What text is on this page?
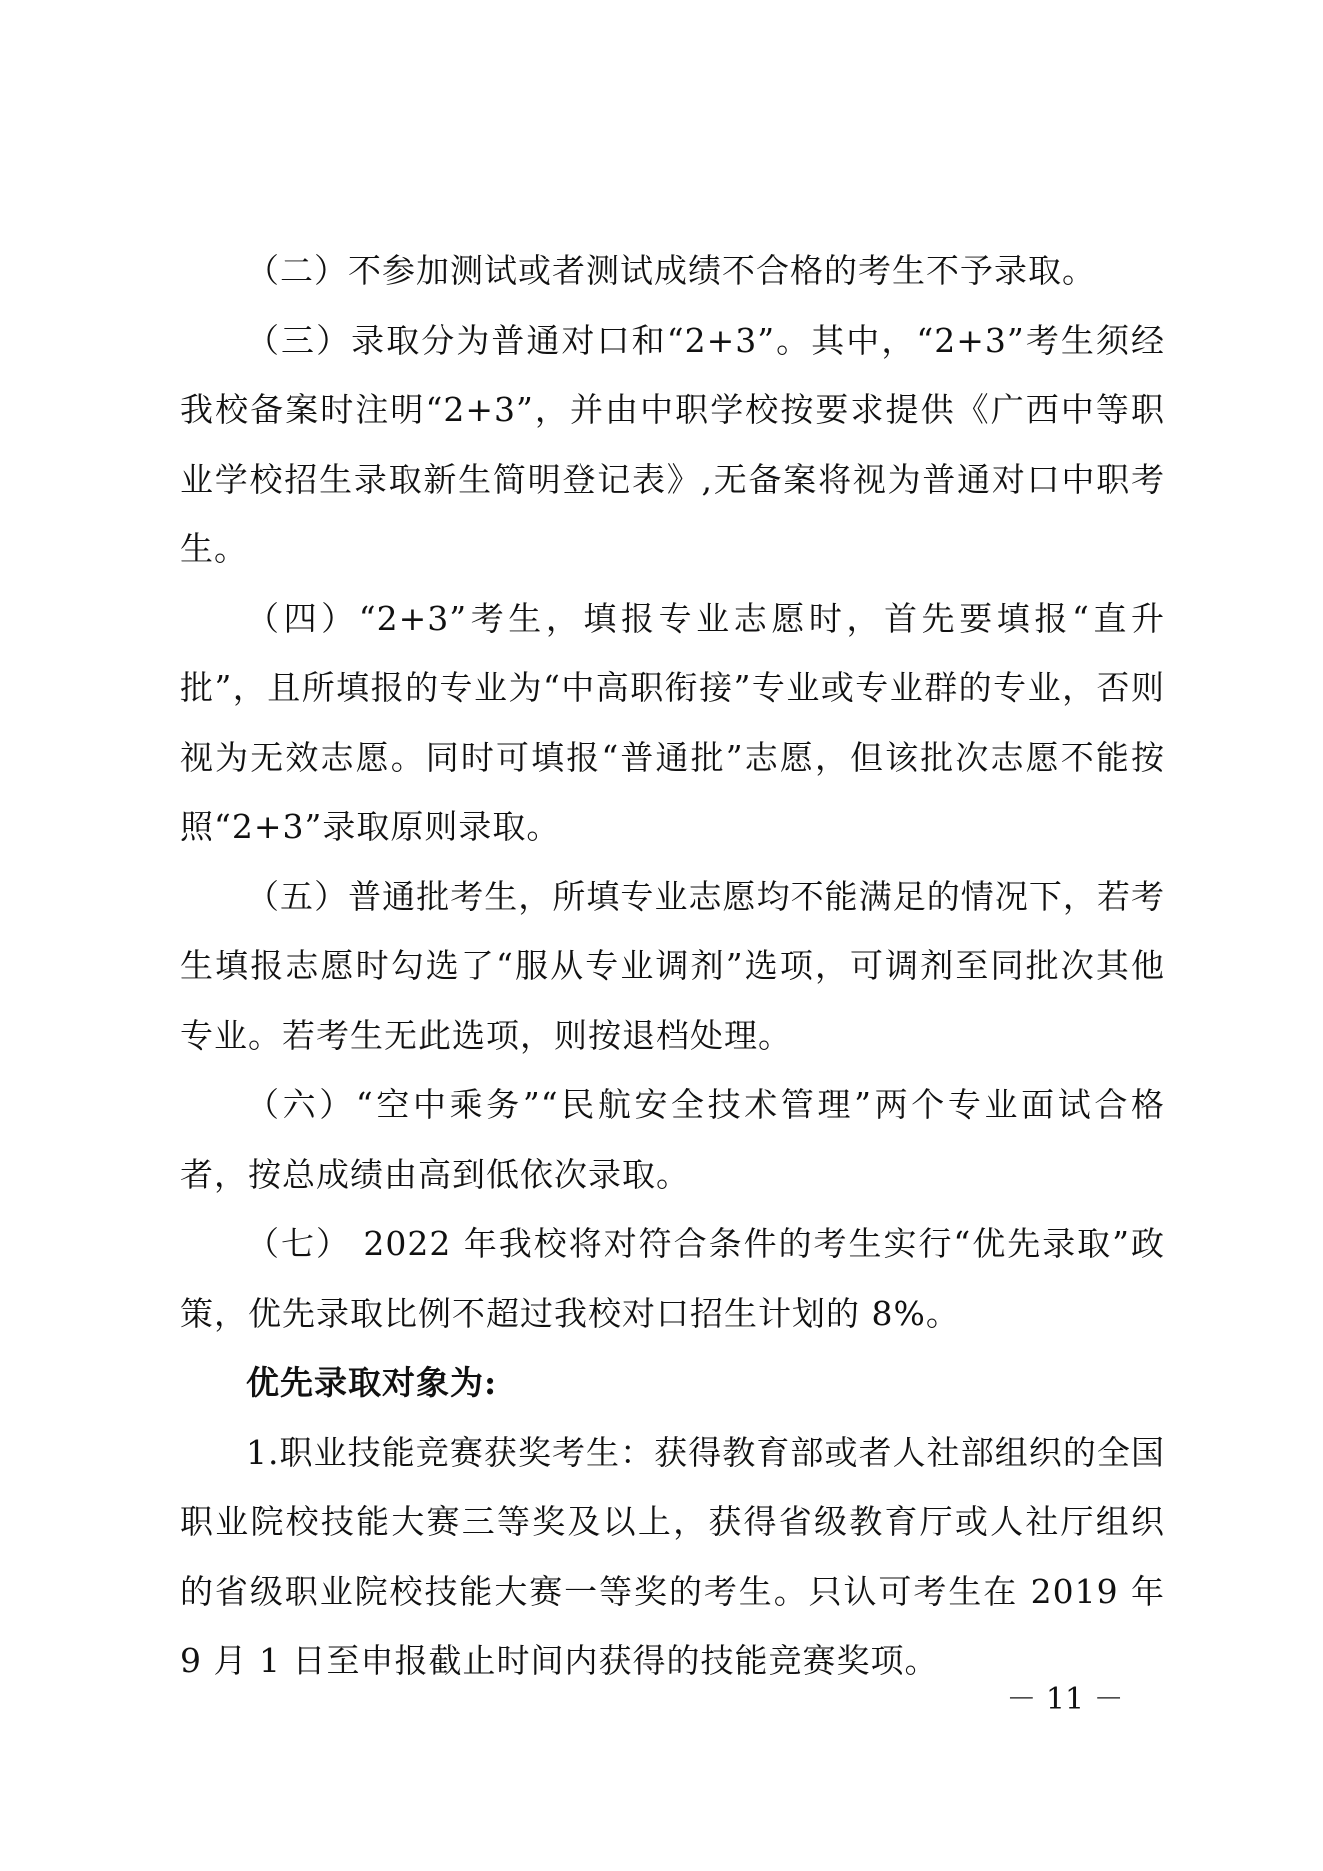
（二）不参加测试或者测试成绩不合格的考生不予录取。

（三）录取分为普通对口和“2+3”。其中，“2+3”考生须经我校备案时注明“2+3”，并由中职学校按要求提供《广西中等职业学校招生录取新生简明登记表》,无备案将视为普通对口中职考生。

（四）“2+3”考生，填报专业志愿时，首先要填报“直升批”，且所填报的专业为“中高职衔接”专业或专业群的专业，否则视为无效志愿。同时可填报“普通批”志愿，但该批次志愿不能按照“2+3”录取原则录取。

（五）普通批考生，所填专业志愿均不能满足的情况下，若考生填报志愿时勾选了“服从专业调剂”选项，可调剂至同批次其他专业。若考生无此选项，则按退档处理。

（六）“空中乘务”“民航安全技术管理”两个专业面试合格者，按总成绩由高到低依次录取。

（七） 2022 年我校将对符合条件的考生实行“优先录取”政策，优先录取比例不超过我校对口招生计划的 8%。

优先录取对象为:

1.职业技能竞赛获奖考生：获得教育部或者人社部组织的全国职业院校技能大赛三等奖及以上，获得省级教育厅或人社厅组织的省级职业院校技能大赛一等奖的考生。只认可考生在 2019 年 9 月 1 日至申报截止时间内获得的技能竞赛奖项。

－ 11 －
